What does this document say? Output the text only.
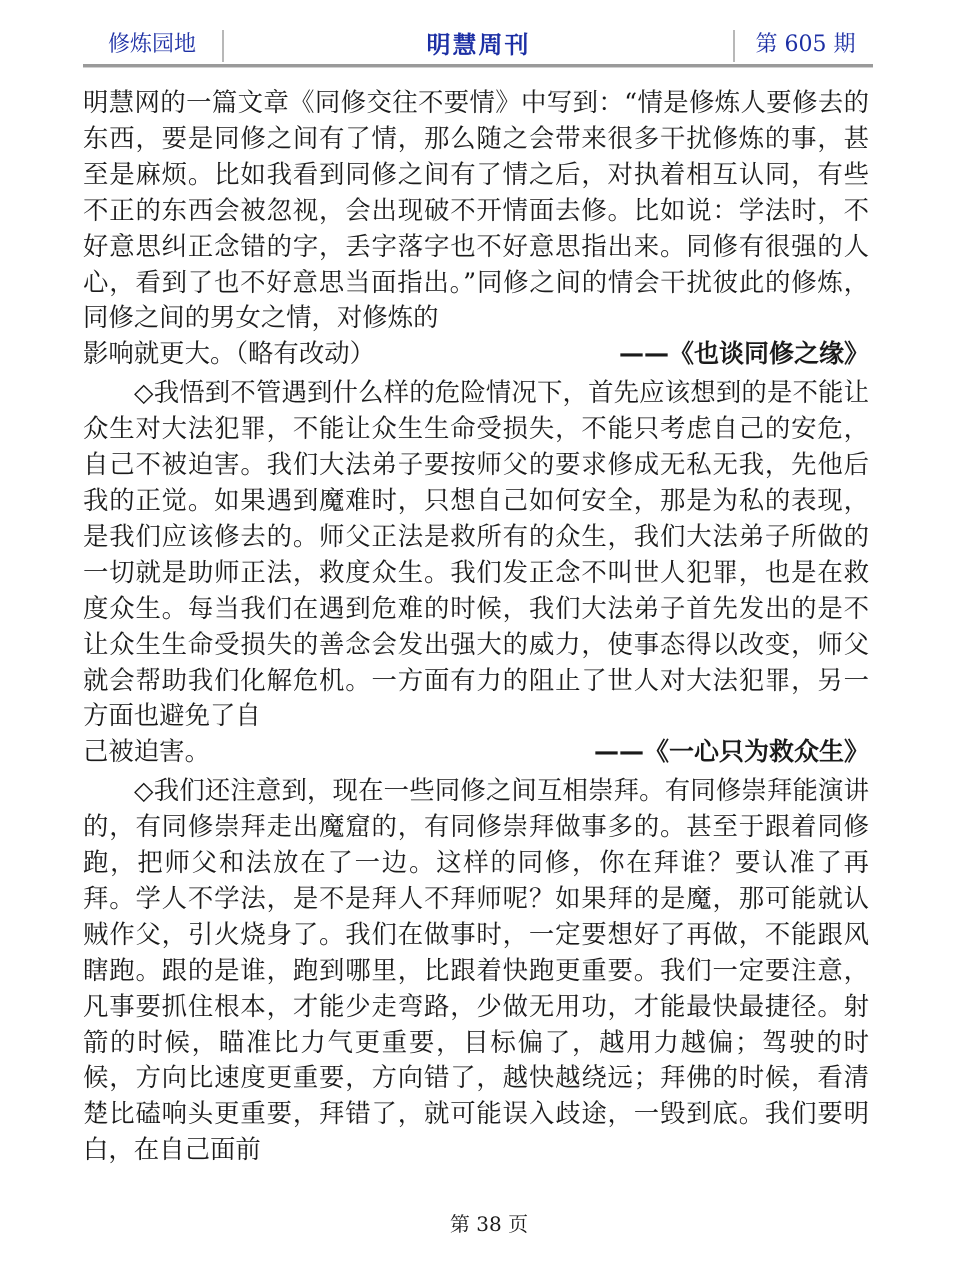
修炼园地	明慧周刊	第 605 期

明慧网的一篇文章《同修交往不要情》中写到：“情是修炼人要修去的东西，要是同修之间有了情，那么随之会带来很多干扰修炼的事，甚至是麻烦。比如我看到同修之间有了情之后，对执着相互认同，有些不正的东西会被忽视，会出现破不开情面去修。比如说：学法时，不好意思纠正念错的字，丢字落字也不好意思指出来。同修有很强的人心，看到了也不好意思当面指出。”同修之间的情会干扰彼此的修炼，同修之间的男女之情，对修炼的

影响就更大。（略有改动）	——《也谈同修之缘》

◇我悟到不管遇到什么样的危险情况下，首先应该想到的是不能让众生对大法犯罪，不能让众生生命受损失，不能只考虑自己的安危，自己不被迫害。我们大法弟子要按师父的要求修成无私无我，先他后我的正觉。如果遇到魔难时，只想自己如何安全，那是为私的表现，是我们应该修去的。师父正法是救所有的众生，我们大法弟子所做的一切就是助师正法，救度众生。我们发正念不叫世人犯罪，也是在救度众生。每当我们在遇到危难的时候，我们大法弟子首先发出的是不让众生生命受损失的善念会发出强大的威力，使事态得以改变，师父就会帮助我们化解危机。一方面有力的阻止了世人对大法犯罪，另一方面也避免了自

己被迫害。	——《一心只为救众生》

◇我们还注意到，现在一些同修之间互相崇拜。有同修崇拜能演讲的，有同修崇拜走出魔窟的，有同修崇拜做事多的。甚至于跟着同修跑，把师父和法放在了一边。这样的同修，你在拜谁？要认准了再拜。学人不学法，是不是拜人不拜师呢？如果拜的是魔，那可能就认贼作父，引火烧身了。我们在做事时，一定要想好了再做，不能跟风瞎跑。跟的是谁，跑到哪里，比跟着快跑更重要。我们一定要注意，凡事要抓住根本，才能少走弯路，少做无用功，才能最快最捷径。射箭的时候，瞄准比力气更重要，目标偏了，越用力越偏；驾驶的时候，方向比速度更重要，方向错了，越快越绕远；拜佛的时候，看清楚比磕响头更重要，拜错了，就可能误入歧途，一毁到底。我们要明白，在自己面前

第 38 页
